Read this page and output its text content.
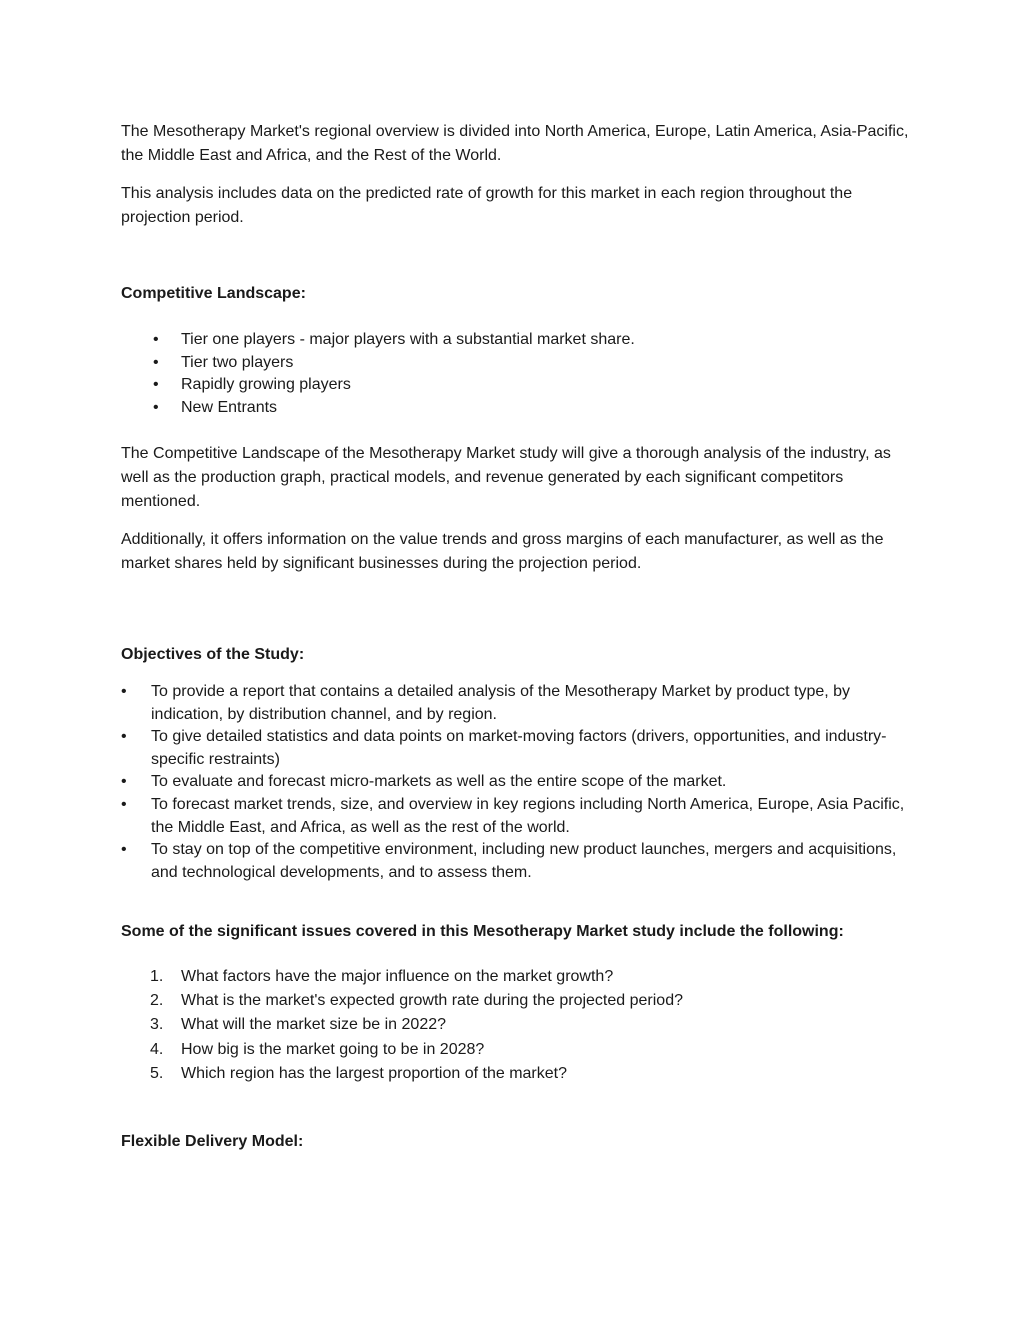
The Mesotherapy Market's regional overview is divided into North America, Europe, Latin America, Asia-Pacific, the Middle East and Africa, and the Rest of the World.

This analysis includes data on the predicted rate of growth for this market in each region throughout the projection period.

Competitive Landscape:

• Tier one players - major players with a substantial market share.
• Tier two players
• Rapidly growing players
• New Entrants

The Competitive Landscape of the Mesotherapy Market study will give a thorough analysis of the industry, as well as the production graph, practical models, and revenue generated by each significant competitors mentioned.

Additionally, it offers information on the value trends and gross margins of each manufacturer, as well as the market shares held by significant businesses during the projection period.

Objectives of the Study:

• To provide a report that contains a detailed analysis of the Mesotherapy Market by product type, by indication, by distribution channel, and by region.
• To give detailed statistics and data points on market-moving factors (drivers, opportunities, and industry-specific restraints)
• To evaluate and forecast micro-markets as well as the entire scope of the market.
• To forecast market trends, size, and overview in key regions including North America, Europe, Asia Pacific, the Middle East, and Africa, as well as the rest of the world.
• To stay on top of the competitive environment, including new product launches, mergers and acquisitions, and technological developments, and to assess them.

Some of the significant issues covered in this Mesotherapy Market study include the following:

1. What factors have the major influence on the market growth?
2. What is the market's expected growth rate during the projected period?
3. What will the market size be in 2022?
4. How big is the market going to be in 2028?
5. Which region has the largest proportion of the market?

Flexible Delivery Model:
